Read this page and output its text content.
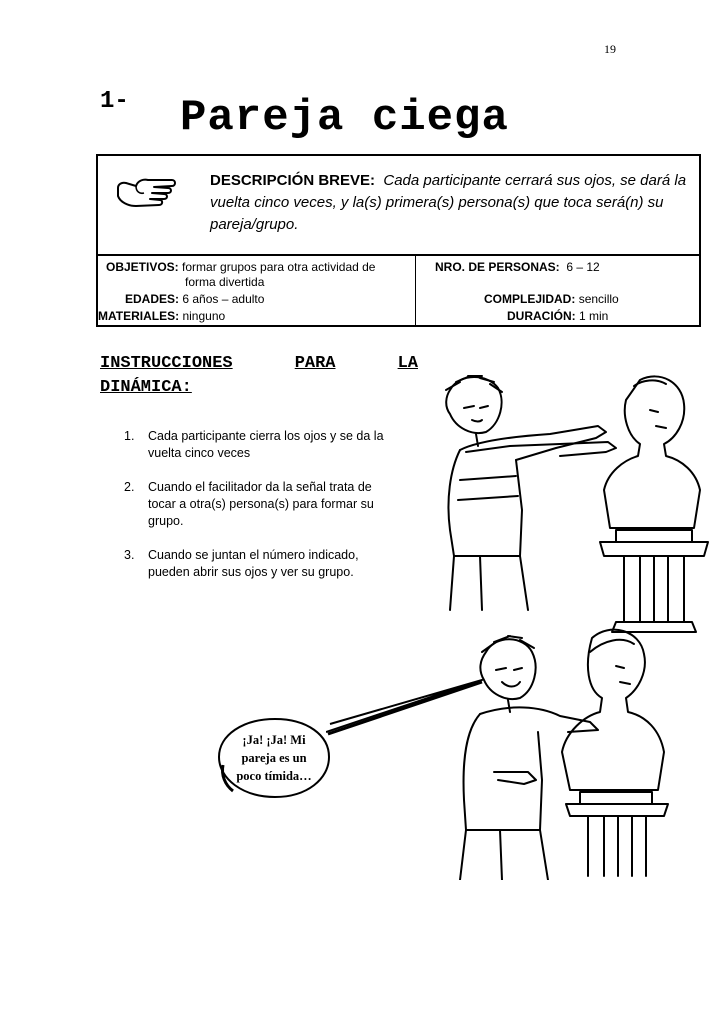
19
1- Pareja ciega
DESCRIPCIÓN BREVE: Cada participante cerrará sus ojos, se dará la vuelta cinco veces, y la(s) primera(s) persona(s) que toca será(n) su pareja/grupo.
OBJETIVOS: formar grupos para otra actividad de
forma divertida
EDADES: 6 años – adulto
MATERIALES: ninguno
NRO. DE PERSONAS: 6 – 12
COMPLEJIDAD: sencillo
DURACIÓN: 1 min
INSTRUCCIONES	PARA	LA
DINÁMICA:
1. Cada participante cierra los ojos y se da la vuelta cinco veces
2. Cuando el facilitador da la señal trata de tocar a otra(s) persona(s) para formar su grupo.
3. Cuando se juntan el número indicado, pueden abrir sus ojos y ver su grupo.
¡Ja! ¡Ja! Mi
pareja es un
poco tímida…
